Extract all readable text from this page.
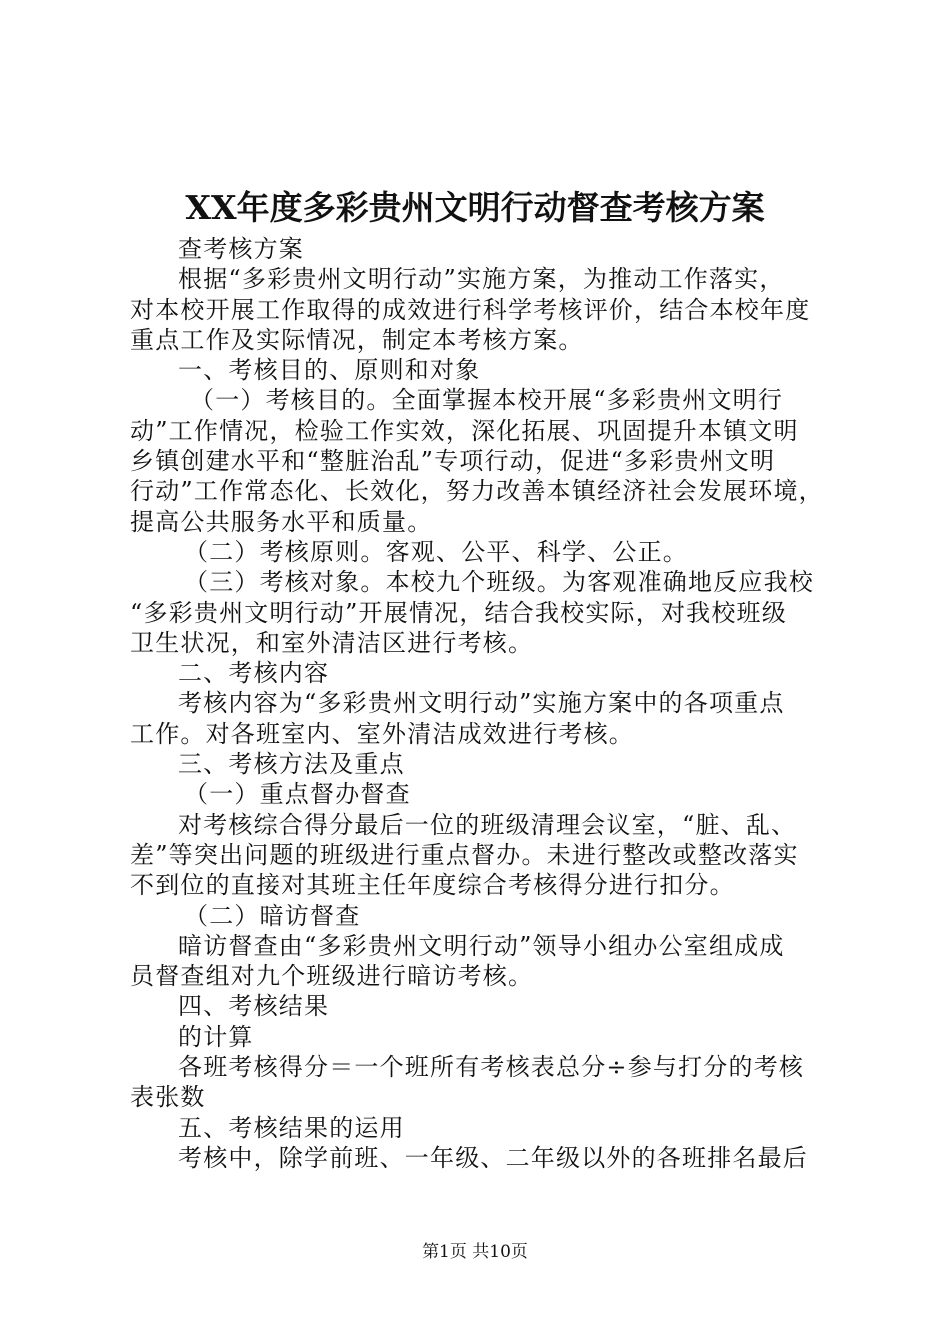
XX年度多彩贵州文明行动督查考核方案

查考核方案

根据“多彩贵州文明行动”实施方案，为推动工作落实，

对本校开展工作取得的成效进行科学考核评价，结合本校年度

重点工作及实际情况，制定本考核方案。

一、考核目的、原则和对象

（一）考核目的。全面掌握本校开展“多彩贵州文明行

动”工作情况，检验工作实效，深化拓展、巩固提升本镇文明

乡镇创建水平和“整脏治乱”专项行动，促进“多彩贵州文明

行动”工作常态化、长效化，努力改善本镇经济社会发展环境，

提高公共服务水平和质量。

（二）考核原则。客观、公平、科学、公正。

（三）考核对象。本校九个班级。为客观准确地反应我校

“多彩贵州文明行动”开展情况，结合我校实际，对我校班级

卫生状况，和室外清洁区进行考核。

二、考核内容

考核内容为“多彩贵州文明行动”实施方案中的各项重点

工作。对各班室内、室外清洁成效进行考核。

三、考核方法及重点

（一）重点督办督查

对考核综合得分最后一位的班级清理会议室，“脏、乱、

差”等突出问题的班级进行重点督办。未进行整改或整改落实

不到位的直接对其班主任年度综合考核得分进行扣分。

（二）暗访督查

暗访督查由“多彩贵州文明行动”领导小组办公室组成成

员督查组对九个班级进行暗访考核。

四、考核结果

的计算

各班考核得分＝一个班所有考核表总分÷参与打分的考核

表张数

五、考核结果的运用

考核中，除学前班、一年级、二年级以外的各班排名最后

第1页 共10页
